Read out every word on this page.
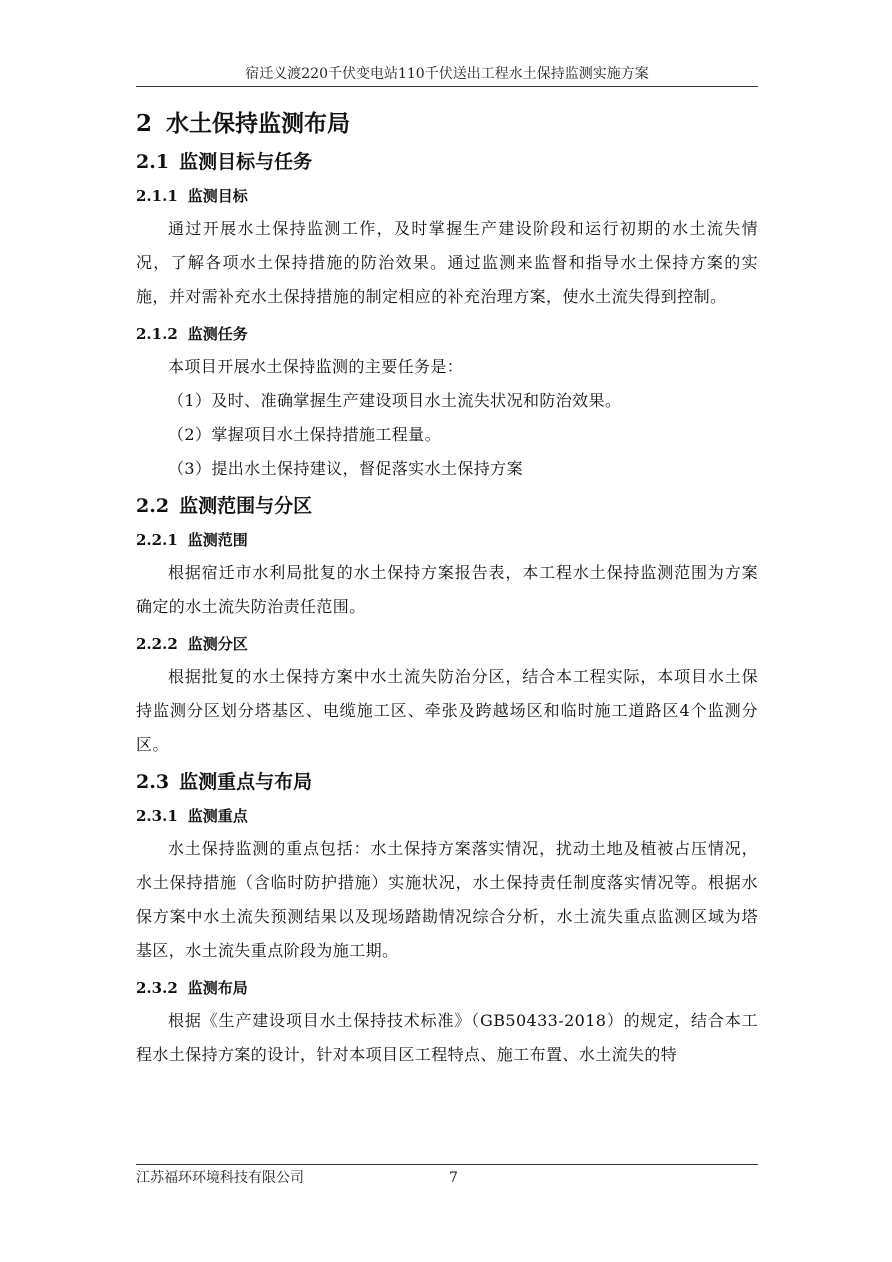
宿迁义渡220千伏变电站110千伏送出工程水土保持监测实施方案
2 水土保持监测布局
2.1 监测目标与任务
2.1.1 监测目标

通过开展水土保持监测工作，及时掌握生产建设阶段和运行初期的水土流失情况，了解各项水土保持措施的防治效果。通过监测来监督和指导水土保持方案的实施，并对需补充水土保持措施的制定相应的补充治理方案，使水土流失得到控制。

2.1.2 监测任务

本项目开展水土保持监测的主要任务是：

（1）及时、准确掌握生产建设项目水土流失状况和防治效果。

（2）掌握项目水土保持措施工程量。

（3）提出水土保持建议，督促落实水土保持方案

2.2 监测范围与分区
2.2.1 监测范围

根据宿迁市水利局批复的水土保持方案报告表，本工程水土保持监测范围为方案确定的水土流失防治责任范围。

2.2.2 监测分区

根据批复的水土保持方案中水土流失防治分区，结合本工程实际，本项目水土保持监测分区划分塔基区、电缆施工区、牵张及跨越场区和临时施工道路区4个监测分区。

2.3 监测重点与布局
2.3.1 监测重点

水土保持监测的重点包括：水土保持方案落实情况，扰动土地及植被占压情况，水土保持措施（含临时防护措施）实施状况，水土保持责任制度落实情况等。根据水保方案中水土流失预测结果以及现场踏勘情况综合分析，水土流失重点监测区域为塔基区，水土流失重点阶段为施工期。

2.3.2 监测布局

根据《生产建设项目水土保持技术标准》（GB50433-2018）的规定，结合本工程水土保持方案的设计，针对本项目区工程特点、施工布置、水土流失的特

江苏福环环境科技有限公司	7
